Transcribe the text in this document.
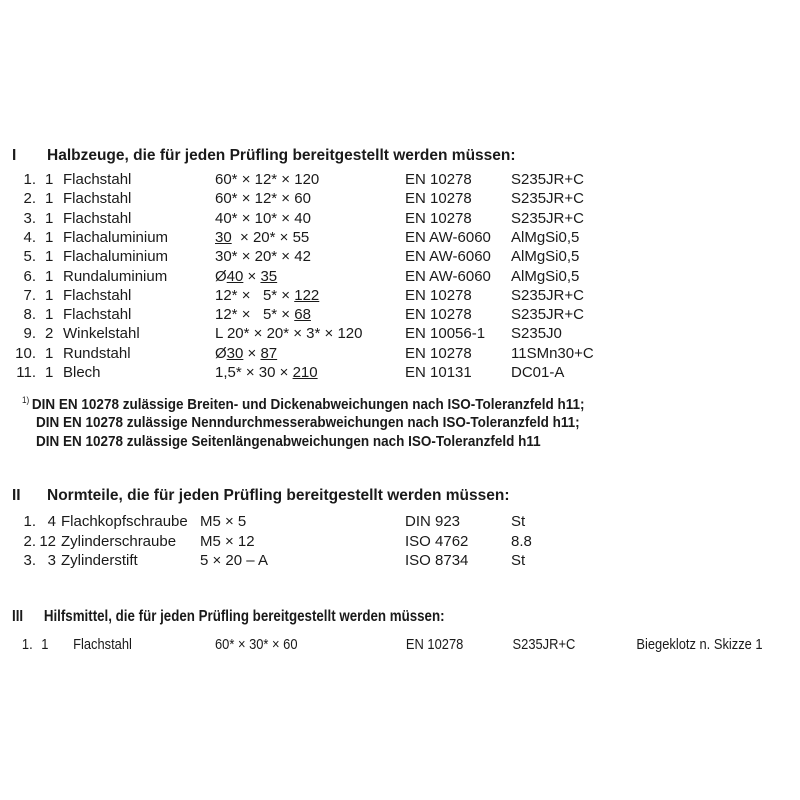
I Halbzeuge, die für jeden Prüfling bereitgestellt werden müssen:
1. 1 Flachstahl	60* × 12* × 120	EN 10278	S235JR+C
2. 1 Flachstahl	60* × 12* × 60	EN 10278	S235JR+C
3. 1 Flachstahl	40* × 10* × 40	EN 10278	S235JR+C
4. 1 Flachaluminium	30  × 20* × 55	EN AW-6060 AlMgSi0,5
5. 1 Flachaluminium	30* × 20* × 42	EN AW-6060 AlMgSi0,5
6. 1 Rundaluminium	Ø40 × 35	EN AW-6060 AlMgSi0,5
7. 1 Flachstahl	12* ×   5* × 122	EN 10278	S235JR+C
8. 1 Flachstahl	12* ×   5* × 68	EN 10278	S235JR+C
9. 2 Winkelstahl	L 20* × 20* × 3* × 120	EN 10056-1 S235J0
10. 1 Rundstahl	Ø30 × 87	EN 10278	11SMn30+C
11. 1 Blech	1,5* × 30 × 210	EN 10131	DC01-A
$^{1)}$ DIN EN 10278 zulässige Breiten- und Dickenabweichungen nach ISO-Toleranzfeld h11;
DIN EN 10278 zulässige Nenndurchmesserabweichungen nach ISO-Toleranzfeld h11;
DIN EN 10278 zulässige Seitenlängenabweichungen nach ISO-Toleranzfeld h11
II Normteile, die für jeden Prüfling bereitgestellt werden müssen:
1. 4 Flachkopfschraube M5 × 5	DIN 923	St
2. 12 Zylinderschraube M5 × 12	ISO 4762	8.8
3. 3 Zylinderstift	5 × 20 – A	ISO 8734	St
III Hilfsmittel, die für jeden Prüfling bereitgestellt werden müssen:
1. 1 Flachstahl	60* × 30* × 60	EN 10278	S235JR+C	Biegeklotz n. Skizze 1
